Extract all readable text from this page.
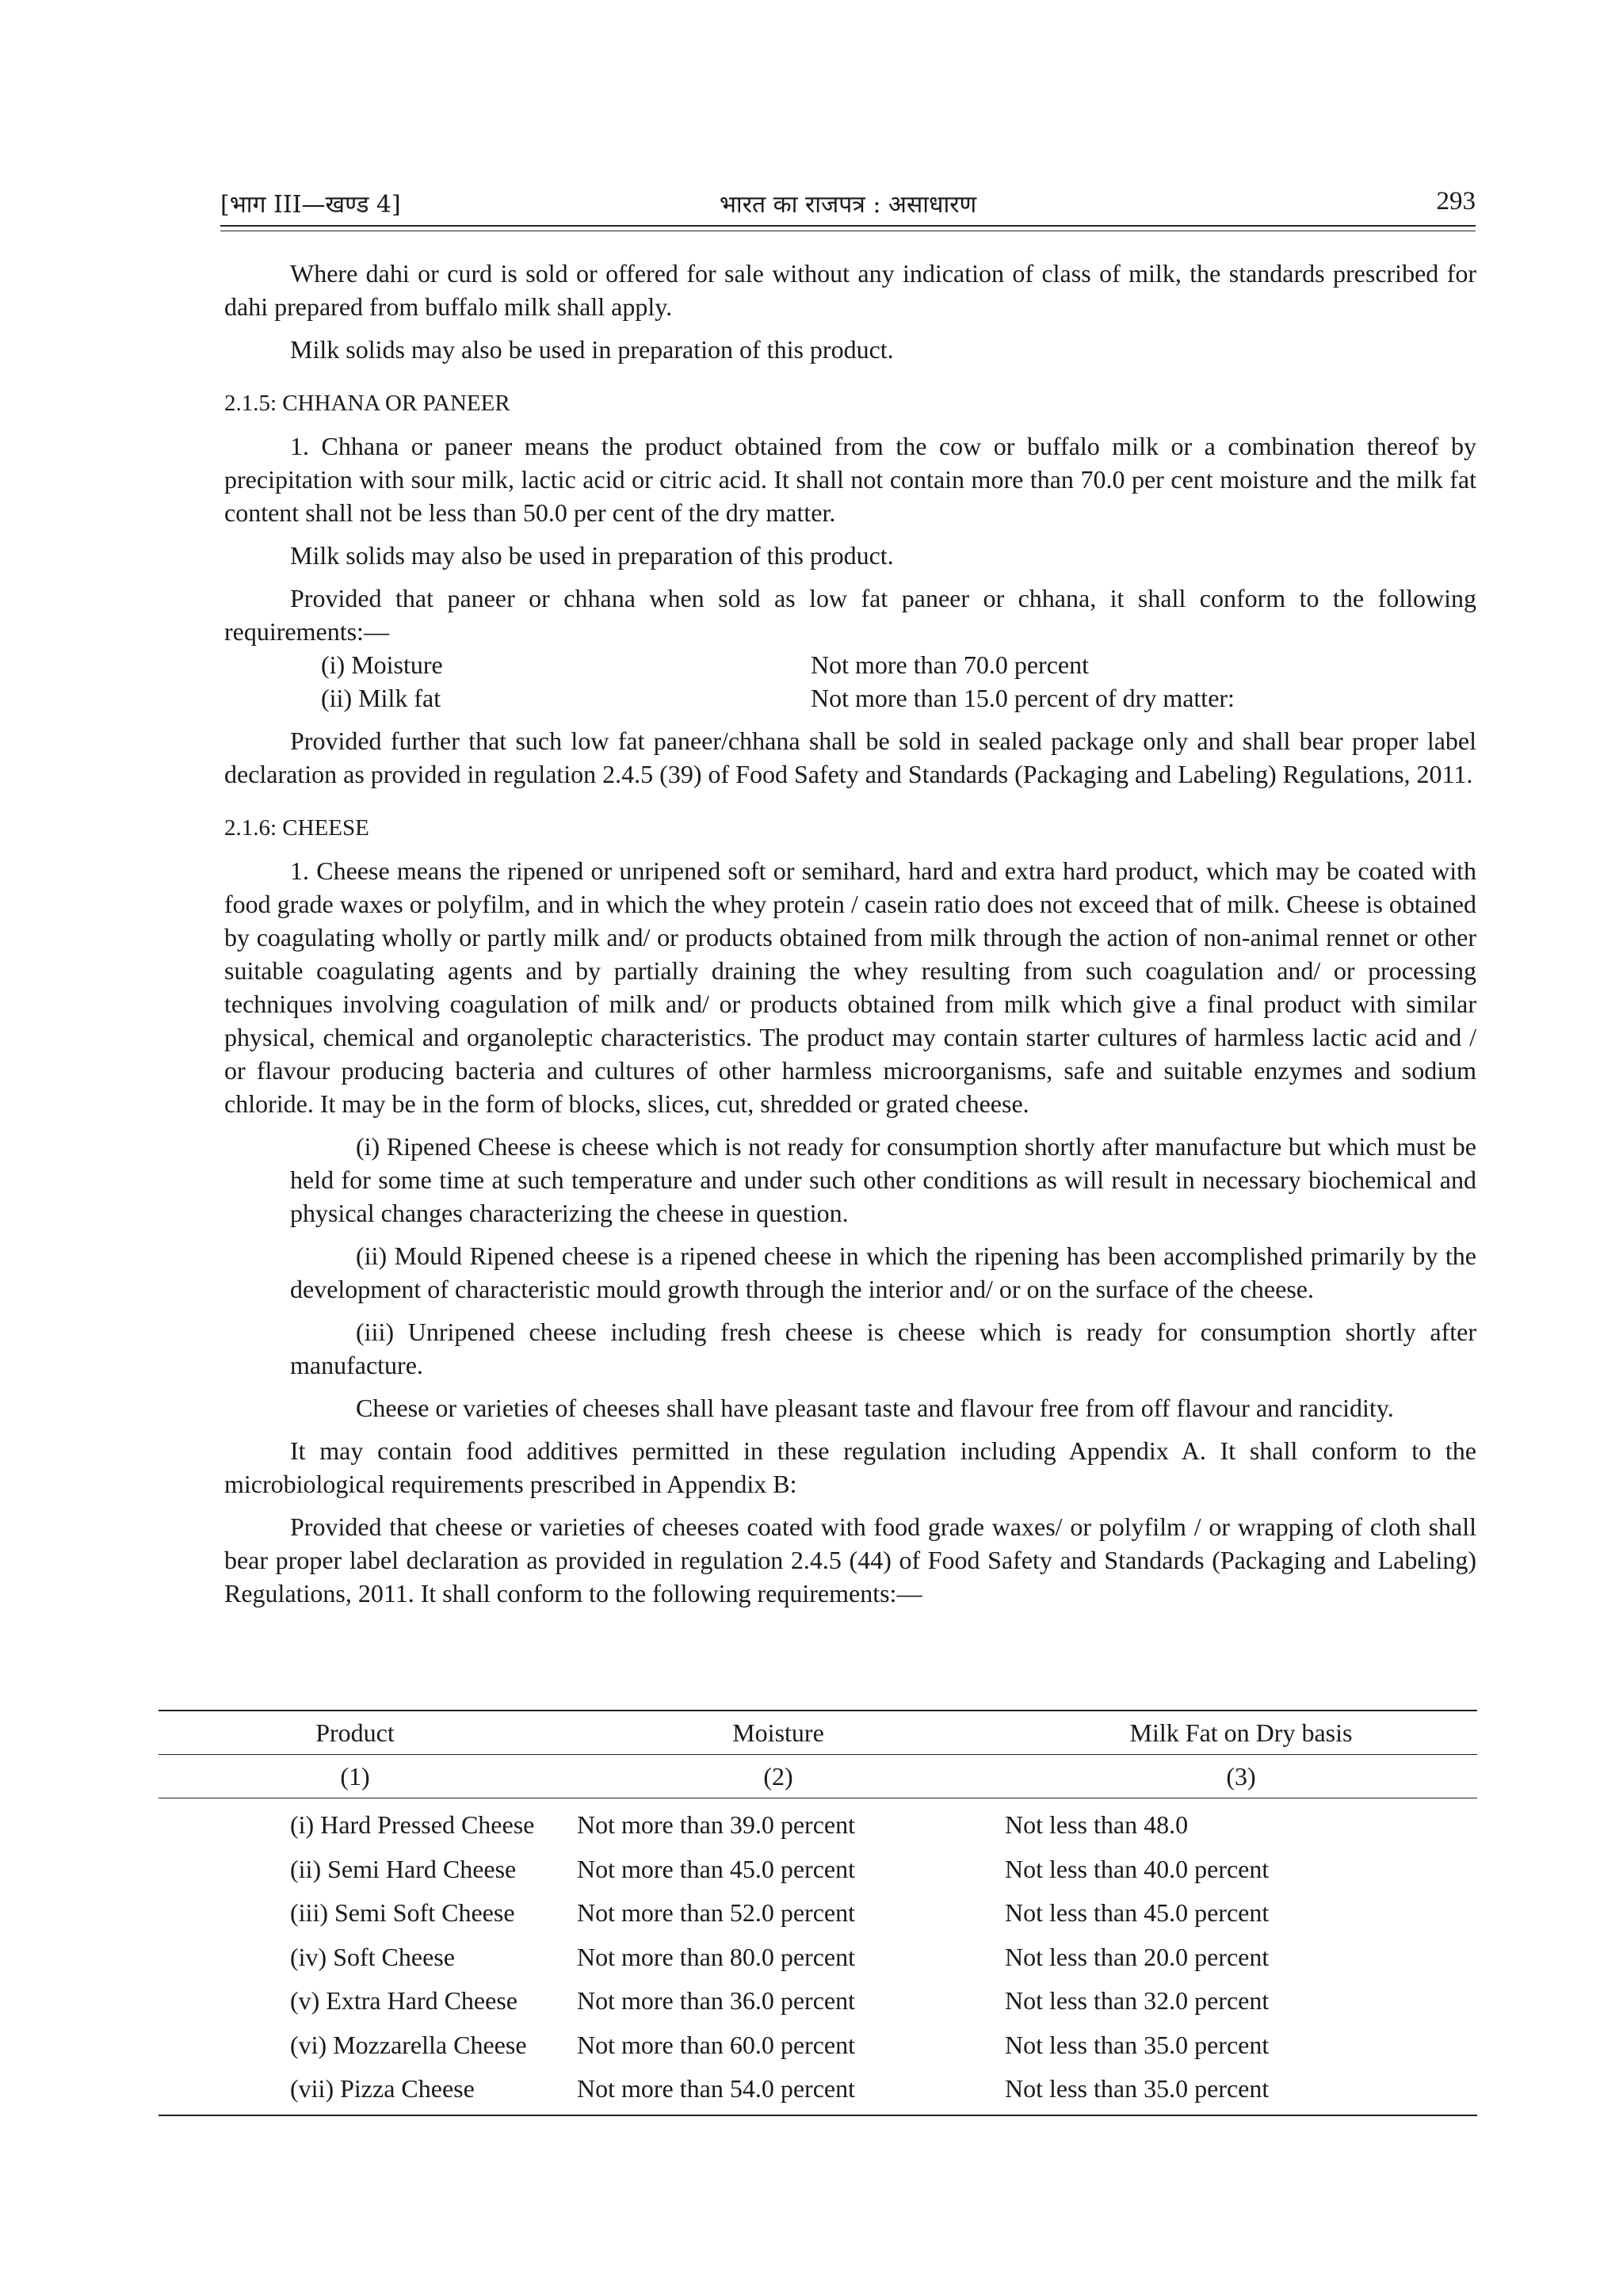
[भाग III—खण्ड 4]	भारत का राजपत्र : असाधारण	293

Where dahi or curd is sold or offered for sale without any indication of class of milk, the standards prescribed for dahi prepared from buffalo milk shall apply.

Milk solids may also be used in preparation of this product.

2.1.5: CHHANA OR PANEER

1. Chhana or paneer means the product obtained from the cow or buffalo milk or a combination thereof by precipitation with sour milk, lactic acid or citric acid. It shall not contain more than 70.0 per cent moisture and the milk fat content shall not be less than 50.0 per cent of the dry matter.

Milk solids may also be used in preparation of this product.

Provided that paneer or chhana when sold as low fat paneer or chhana, it shall conform to the following requirements:—

(i) Moisture	Not more than 70.0 percent
(ii) Milk fat	Not more than 15.0 percent of dry matter:

Provided further that such low fat paneer/chhana shall be sold in sealed package only and shall bear proper label declaration as provided in regulation 2.4.5 (39) of Food Safety and Standards (Packaging and Labeling) Regulations, 2011.

2.1.6: CHEESE

1. Cheese means the ripened or unripened soft or semihard, hard and extra hard product, which may be coated with food grade waxes or polyfilm, and in which the whey protein / casein ratio does not exceed that of milk. Cheese is obtained by coagulating wholly or partly milk and/ or products obtained from milk through the action of non-animal rennet or other suitable coagulating agents and by partially draining the whey resulting from such coagulation and/ or processing techniques involving coagulation of milk and/ or products obtained from milk which give a final product with similar physical, chemical and organoleptic characteristics. The product may contain starter cultures of harmless lactic acid and / or flavour producing bacteria and cultures of other harmless microorganisms, safe and suitable enzymes and sodium chloride. It may be in the form of blocks, slices, cut, shredded or grated cheese.

(i) Ripened Cheese is cheese which is not ready for consumption shortly after manufacture but which must be held for some time at such temperature and under such other conditions as will result in necessary biochemical and physical changes characterizing the cheese in question.

(ii) Mould Ripened cheese is a ripened cheese in which the ripening has been accomplished primarily by the development of characteristic mould growth through the interior and/ or on the surface of the cheese.

(iii) Unripened cheese including fresh cheese is cheese which is ready for consumption shortly after manufacture.

Cheese or varieties of cheeses shall have pleasant taste and flavour free from off flavour and rancidity.

It may contain food additives permitted in these regulation including Appendix A. It shall conform to the microbiological requirements prescribed in Appendix B:

Provided that cheese or varieties of cheeses coated with food grade waxes/ or polyfilm / or wrapping of cloth shall bear proper label declaration as provided in regulation 2.4.5 (44) of Food Safety and Standards (Packaging and Labeling) Regulations, 2011. It shall conform to the following requirements:—

Product	Moisture	Milk Fat on Dry basis
(1)	(2)	(3)
(i) Hard Pressed Cheese	Not more than 39.0 percent	Not less than 48.0
(ii) Semi Hard Cheese	Not more than 45.0 percent	Not less than 40.0 percent
(iii) Semi Soft Cheese	Not more than 52.0 percent	Not less than 45.0 percent
(iv) Soft Cheese	Not more than 80.0 percent	Not less than 20.0 percent
(v) Extra Hard Cheese	Not more than 36.0 percent	Not less than 32.0 percent
(vi) Mozzarella Cheese	Not more than 60.0 percent	Not less than 35.0 percent
(vii) Pizza Cheese	Not more than 54.0 percent	Not less than 35.0 percent
